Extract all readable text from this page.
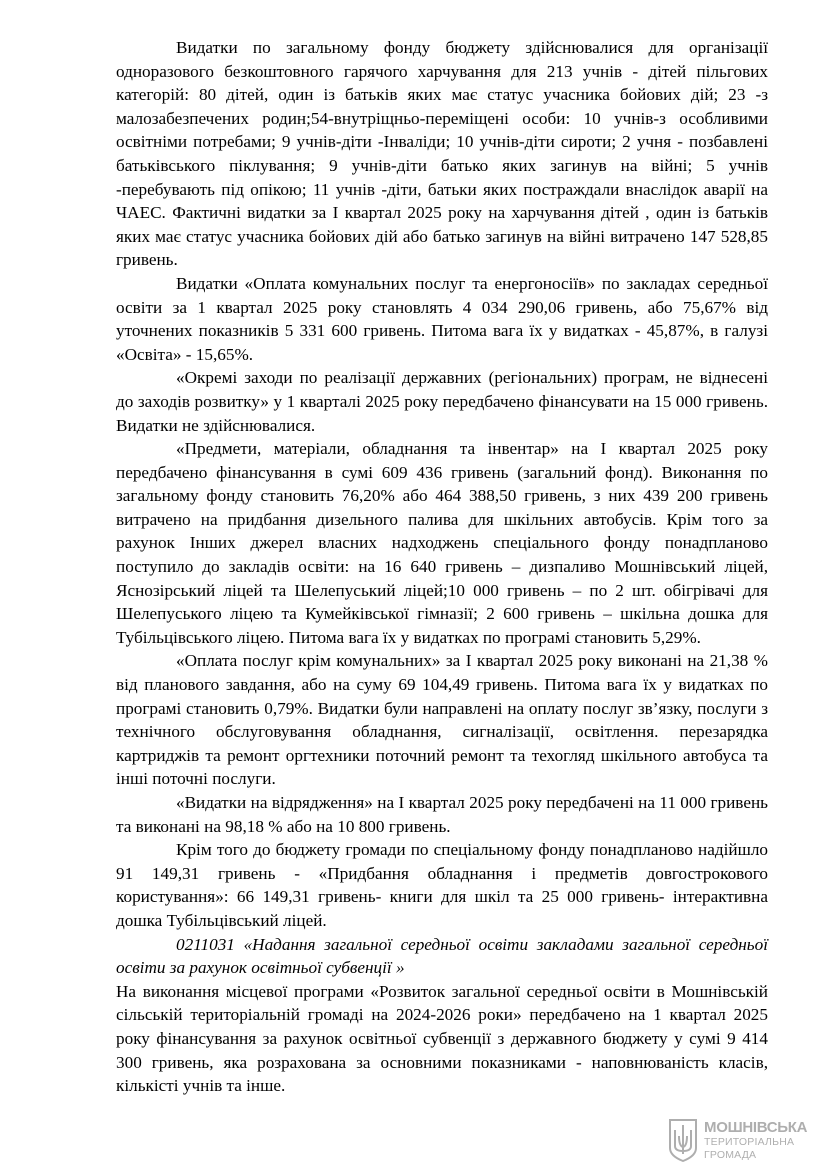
Видатки по загальному фонду бюджету здійснювалися для організації одноразового безкоштовного гарячого харчування для 213 учнів - дітей пільгових категорій: 80 дітей, один із батьків яких має статус учасника бойових дій; 23 -з малозабезпечених родин;54-внутріщньо-переміщені особи: 10 учнів-з особливими освітніми потребами; 9 учнів-діти -Інваліди; 10 учнів-діти сироти; 2 учня - позбавлені батьківського піклування; 9 учнів-діти батько яких загинув на війні; 5 учнів -перебувають під опікою; 11 учнів -діти, батьки яких постраждали внаслідок аварії на ЧАЕС. Фактичні видатки за І квартал 2025 року на харчування дітей , один із батьків яких має статус учасника бойових дій або батько загинув на війні витрачено 147 528,85 гривень.

Видатки «Оплата комунальних послуг та енергоносіїв» по закладах середньої освіти за 1 квартал 2025 року становлять 4 034 290,06 гривень, або 75,67% від уточнених показників 5 331 600 гривень. Питома вага їх у видатках - 45,87%, в галузі «Освіта» - 15,65%.

«Окремі заходи по реалізації державних (регіональних) програм, не віднесені до заходів розвитку» у 1 кварталі 2025 року передбачено фінансувати на 15 000 гривень. Видатки не здійснювалися.

«Предмети, матеріали, обладнання та інвентар» на І квартал 2025 року передбачено фінансування в сумі 609 436 гривень (загальний фонд). Виконання по загальному фонду становить 76,20% або 464 388,50 гривень, з них 439 200 гривень витрачено на придбання дизельного палива для шкільних автобусів. Крім того за рахунок Інших джерел власних надходжень спеціального фонду понадпланово поступило до закладів освіти: на 16 640 гривень – дизпаливо Мошнівський ліцей, Яснозірський ліцей та Шелепуський ліцей;10 000 гривень – по 2 шт. обігрівачі для Шелепуського ліцею та Кумейківської гімназії; 2 600 гривень – шкільна дошка для Тубільцівського ліцею. Питома вага їх у видатках по програмі становить 5,29%.

«Оплата послуг крім комунальних» за І квартал 2025 року виконані на 21,38 % від планового завдання, або на суму 69 104,49 гривень. Питома вага їх у видатках по програмі становить 0,79%. Видатки були направлені на оплату послуг зв’язку, послуги з технічного обслуговування обладнання, сигналізації, освітлення. перезарядка картриджів та ремонт оргтехники поточний ремонт та техогляд шкільного автобуса та інші поточні послуги.

«Видатки на відрядження» на І квартал 2025 року передбачені на 11 000 гривень та виконані на 98,18 % або на 10 800 гривень.

Крім того до бюджету громади по спеціальному фонду понадпланово надійшло 91 149,31 гривень - «Придбання обладнання і предметів довгострокового користування»: 66 149,31 гривень- книги для шкіл та 25 000 гривень- інтерактивна дошка Тубільцівський ліцей.

0211031 «Надання загальної середньої освіти закладами загальної середньої освіти за рахунок освітньої субвенції »

На виконання місцевої програми «Розвиток загальної середньої освіти в Мошнівській сільській територіальній громаді на 2024-2026 роки» передбачено на 1 квартал 2025 року фінансування за рахунок освітньої субвенції з державного бюджету у сумі 9 414 300 гривень, яка розрахована за основними показниками - наповнюваність класів, кількісті учнів та інше.

МОШНІВСЬКА
ТЕРИТОРІАЛЬНА
ГРОМАДА
